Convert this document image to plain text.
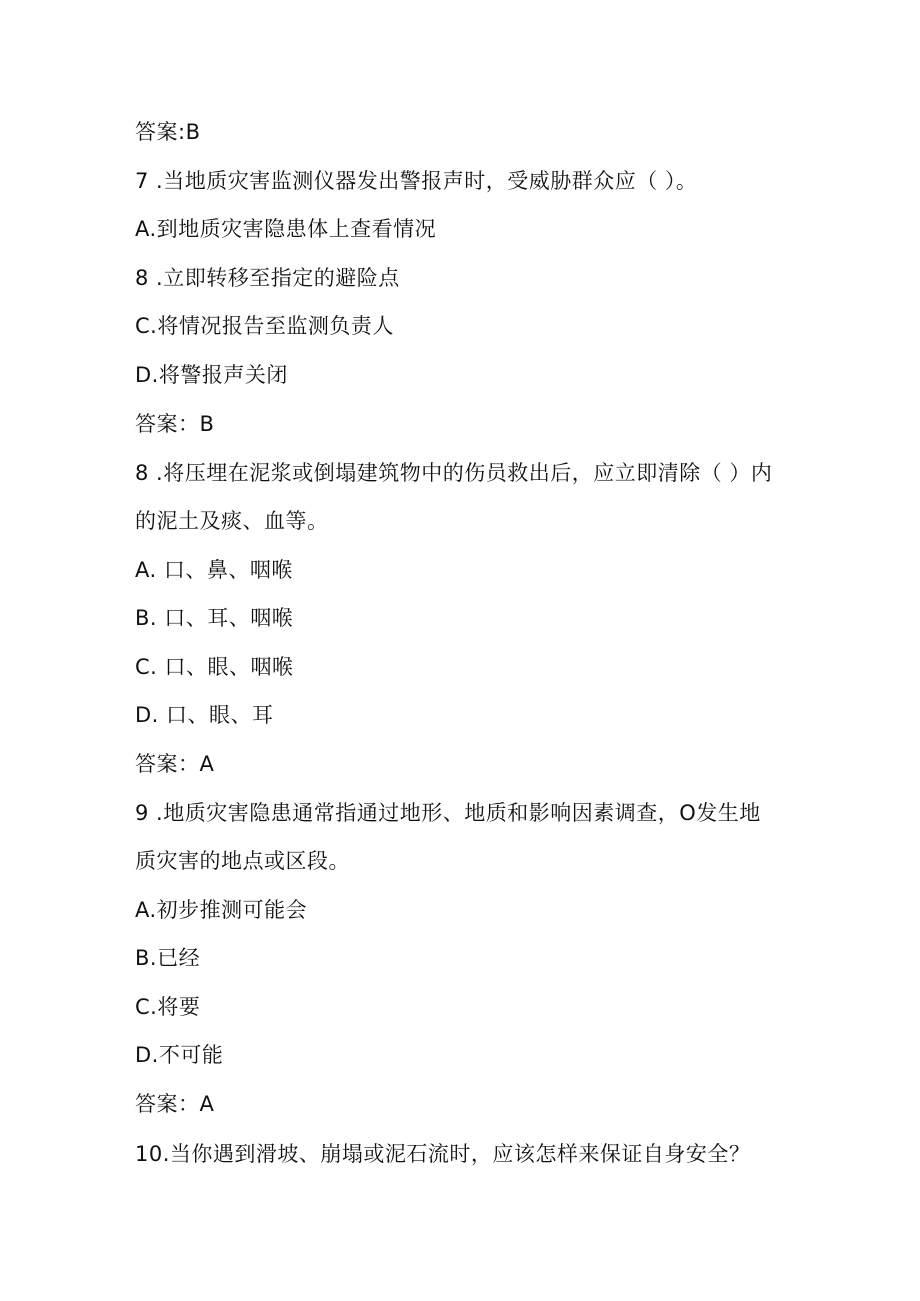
答案:B
7 .当地质灾害监测仪器发出警报声时，受威胁群众应（ ）。
A.到地质灾害隐患体上查看情况
8 .立即转移至指定的避险点
C.将情况报告至监测负责人
D.将警报声关闭
答案：B
8 .将压埋在泥浆或倒塌建筑物中的伤员救出后，应立即清除（ ）内
的泥土及痰、血等。
A. 口、鼻、咽喉
B. 口、耳、咽喉
C. 口、眼、咽喉
D. 口、眼、耳
答案：A
9 .地质灾害隐患通常指通过地形、地质和影响因素调查，O发生地
质灾害的地点或区段。
A.初步推测可能会
B.已经
C.将要
D.不可能
答案：A
10.当你遇到滑坡、崩塌或泥石流时，应该怎样来保证自身安全？
